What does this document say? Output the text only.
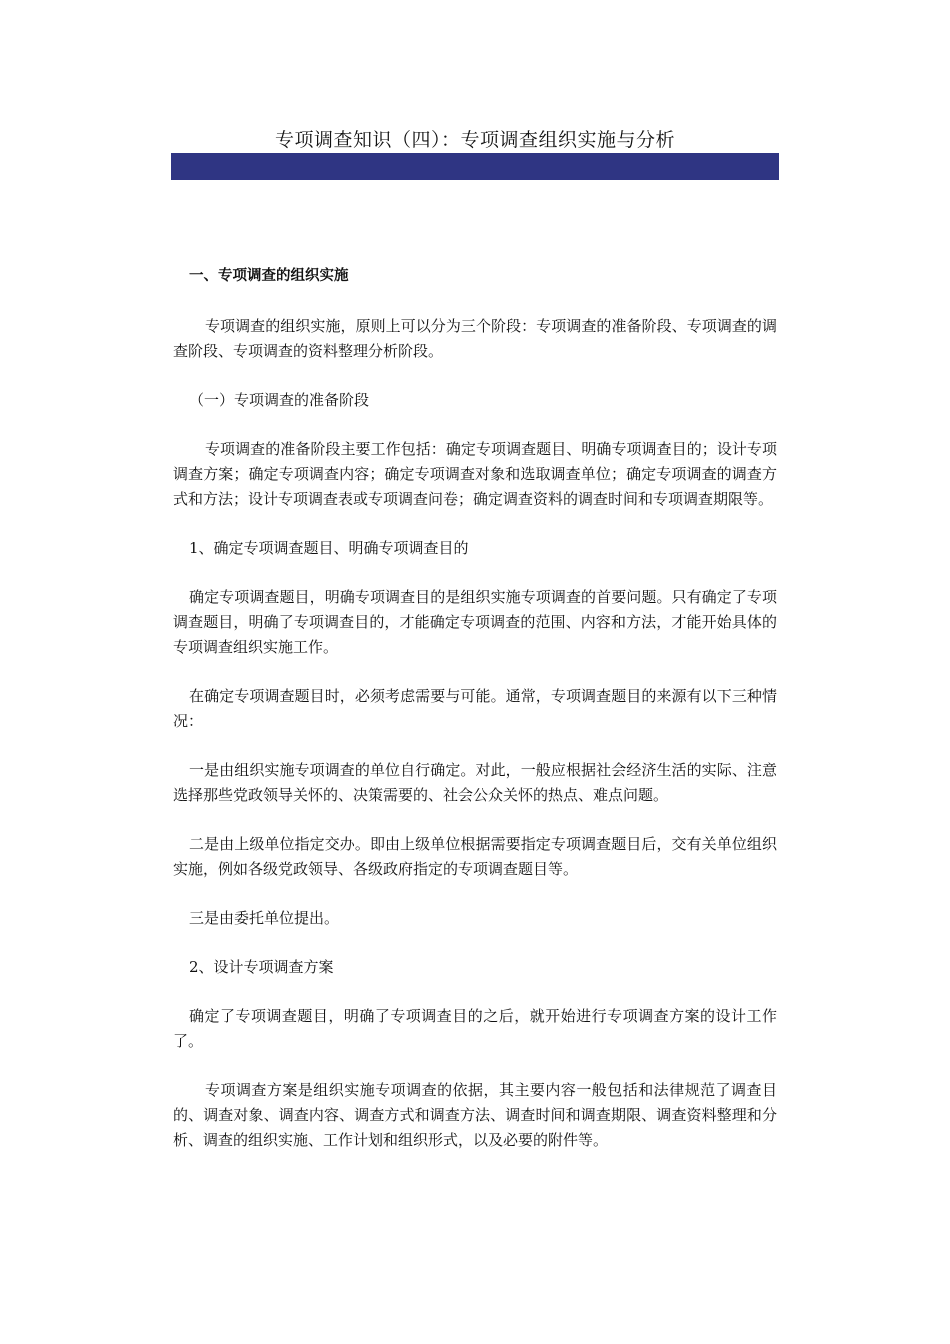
专项调查知识（四）：专项调查组织实施与分析

一、专项调查的组织实施

专项调查的组织实施，原则上可以分为三个阶段：专项调查的准备阶段、专项调查的调查阶段、专项调查的资料整理分析阶段。

（一）专项调查的准备阶段

专项调查的准备阶段主要工作包括：确定专项调查题目、明确专项调查目的；设计专项调查方案；确定专项调查内容；确定专项调查对象和选取调查单位；确定专项调查的调查方式和方法；设计专项调查表或专项调查问卷；确定调查资料的调查时间和专项调查期限等。

1、确定专项调查题目、明确专项调查目的

确定专项调查题目，明确专项调查目的是组织实施专项调查的首要问题。只有确定了专项调查题目，明确了专项调查目的，才能确定专项调查的范围、内容和方法，才能开始具体的专项调查组织实施工作。

在确定专项调查题目时，必须考虑需要与可能。通常，专项调查题目的来源有以下三种情况：

一是由组织实施专项调查的单位自行确定。对此，一般应根据社会经济生活的实际、注意选择那些党政领导关怀的、决策需要的、社会公众关怀的热点、难点问题。

二是由上级单位指定交办。即由上级单位根据需要指定专项调查题目后，交有关单位组织实施，例如各级党政领导、各级政府指定的专项调查题目等。

三是由委托单位提出。

2、设计专项调查方案

确定了专项调查题目，明确了专项调查目的之后，就开始进行专项调查方案的设计工作了。

专项调查方案是组织实施专项调查的依据，其主要内容一般包括和法律规范了调查目的、调查对象、调查内容、调查方式和调查方法、调查时间和调查期限、调查资料整理和分析、调查的组织实施、工作计划和组织形式，以及必要的附件等。
